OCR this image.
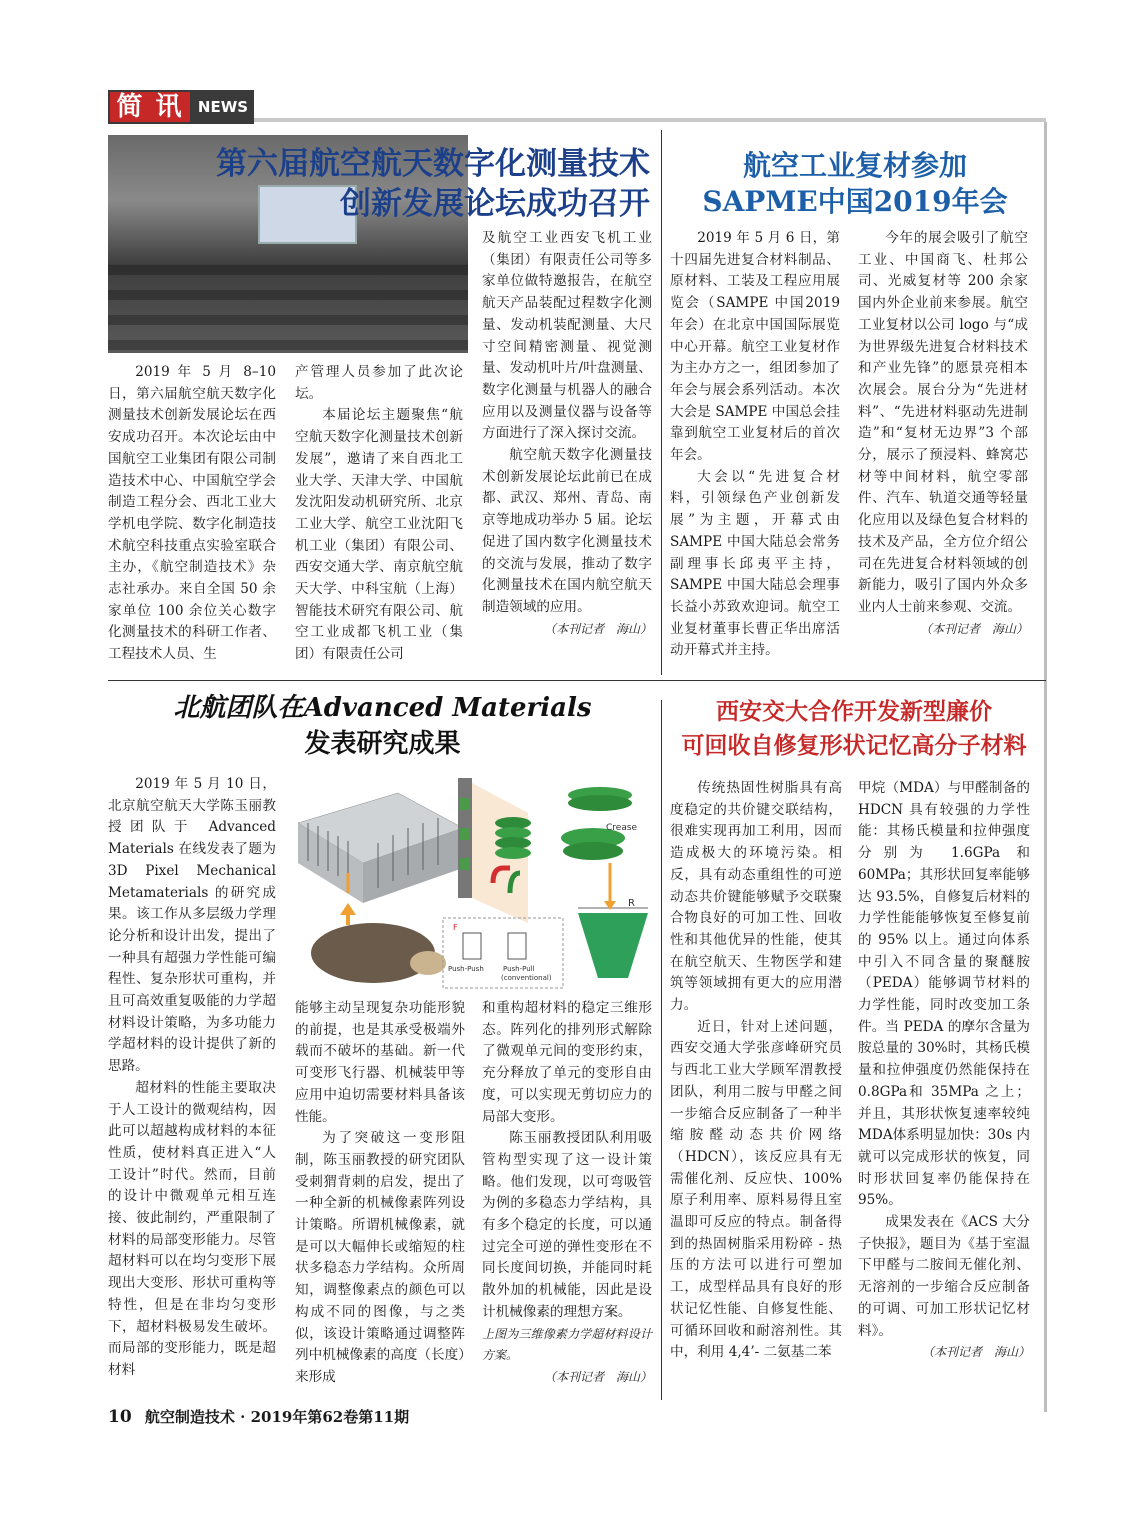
简 讯 NEWS
第六届航空航天数字化测量技术
创新发展论坛成功召开

2019 年 5 月 8–10 日，第六届航空航天数字化测量技术创新发展论坛在西安成功召开。本次论坛由中国航空工业集团有限公司制造技术中心、中国航空学会制造工程分会、西北工业大学机电学院、数字化制造技术航空科技重点实验室联合主办，《航空制造技术》杂志社承办。来自全国 50 余家单位 100 余位关心数字化测量技术的科研工作者、工程技术人员、生

产管理人员参加了此次论坛。

本届论坛主题聚焦“航空航天数字化测量技术创新发展”，邀请了来自西北工业大学、天津大学、中国航发沈阳发动机研究所、北京工业大学、航空工业沈阳飞机工业（集团）有限公司、西安交通大学、南京航空航天大学、中科宝航（上海）智能技术研究有限公司、航空工业成都飞机工业（集团）有限责任公司

及航空工业西安飞机工业（集团）有限责任公司等多家单位做特邀报告，在航空航天产品装配过程数字化测量、发动机装配测量、大尺寸空间精密测量、视觉测量、发动机叶片/叶盘测量、数字化测量与机器人的融合应用以及测量仪器与设备等方面进行了深入探讨交流。

航空航天数字化测量技术创新发展论坛此前已在成都、武汉、郑州、青岛、南京等地成功举办 5 届。论坛促进了国内数字化测量技术的交流与发展，推动了数字化测量技术在国内航空航天制造领域的应用。

（本刊记者　海山）
航空工业复材参加
SAPME中国2019年会

2019 年 5 月 6 日，第十四届先进复合材料制品、原材料、工装及工程应用展览会（SAMPE 中国2019 年会）在北京中国国际展览中心开幕。航空工业复材作为主办方之一，组团参加了年会与展会系列活动。本次大会是 SAMPE 中国总会挂靠到航空工业复材后的首次年会。

大会以“先进复合材料，引领绿色产业创新发展”为主题，开幕式由 SAMPE 中国大陆总会常务副理事长邱夷平主持，SAMPE 中国大陆总会理事长益小苏致欢迎词。航空工业复材董事长曹正华出席活动开幕式并主持。

今年的展会吸引了航空工业、中国商飞、杜邦公司、光威复材等 200 余家国内外企业前来参展。航空工业复材以公司 logo 与“成为世界级先进复合材料技术和产业先锋”的愿景亮相本次展会。展台分为“先进材料”、“先进材料驱动先进制造”和“复材无边界”3 个部分，展示了预浸料、蜂窝芯材等中间材料，航空零部件、汽车、轨道交通等轻量化应用以及绿色复合材料的技术及产品，全方位介绍公司在先进复合材料领域的创新能力，吸引了国内外众多业内人士前来参观、交流。

（本刊记者　海山）
北航团队在Advanced Materials
发表研究成果
Crease
Push-Push	Push-Pull
(conventional)
F
R

2019 年 5 月 10 日，北京航空航天大学陈玉丽教授团队于 Advanced Materials 在线发表了题为 3D Pixel Mechanical Metamaterials 的研究成果。该工作从多层级力学理论分析和设计出发，提出了一种具有超强力学性能可编程性、复杂形状可重构，并且可高效重复吸能的力学超材料设计策略，为多功能力学超材料的设计提供了新的思路。

超材料的性能主要取决于人工设计的微观结构，因此可以超越构成材料的本征性质，使材料真正进入“人工设计”时代。然而，目前的设计中微观单元相互连接、彼此制约，严重限制了材料的局部变形能力。尽管超材料可以在均匀变形下展现出大变形、形状可重构等特性，但是在非均匀变形下，超材料极易发生破坏。而局部的变形能力，既是超材料

能够主动呈现复杂功能形貌的前提，也是其承受极端外载而不破坏的基础。新一代可变形飞行器、机械装甲等应用中迫切需要材料具备该性能。

为了突破这一变形阻制，陈玉丽教授的研究团队受刺猬背刺的启发，提出了一种全新的机械像素阵列设计策略。所谓机械像素，就是可以大幅伸长或缩短的柱状多稳态力学结构。众所周知，调整像素点的颜色可以构成不同的图像，与之类似，该设计策略通过调整阵列中机械像素的高度（长度）来形成

和重构超材料的稳定三维形态。阵列化的排列形式解除了微观单元间的变形约束，充分释放了单元的变形自由度，可以实现无剪切应力的局部大变形。

陈玉丽教授团队利用吸管构型实现了这一设计策略。他们发现，以可弯吸管为例的多稳态力学结构，具有多个稳定的长度，可以通过完全可逆的弹性变形在不同长度间切换，并能同时耗散外加的机械能，因此是设计机械像素的理想方案。

上图为三维像素力学超材料设计方案。
（本刊记者　海山）
西安交大合作开发新型廉价
可回收自修复形状记忆高分子材料

传统热固性树脂具有高度稳定的共价键交联结构，很难实现再加工利用，因而造成极大的环境污染。相反，具有动态重组性的可逆动态共价键能够赋予交联聚合物良好的可加工性、回收性和其他优异的性能，使其在航空航天、生物医学和建筑等领域拥有更大的应用潜力。

近日，针对上述问题，西安交通大学张彦峰研究员与西北工业大学顾军渭教授团队，利用二胺与甲醛之间一步缩合反应制备了一种半缩胺醛动态共价网络（HDCN），该反应具有无需催化剂、反应快、100% 原子利用率、原料易得且室温即可反应的特点。制备得到的热固树脂采用粉碎 - 热压的方法可以进行可塑加工，成型样品具有良好的形状记忆性能、自修复性能、可循环回收和耐溶剂性。其中，利用 4,4’- 二氨基二苯

甲烷（MDA）与甲醛制备的 HDCN 具有较强的力学性能：其杨氏模量和拉伸强度分别为 1.6GPa 和60MPa；其形状回复率能够达 93.5%，自修复后材料的力学性能能够恢复至修复前的 95% 以上。通过向体系中引入不同含量的聚醚胺（PEDA）能够调节材料的力学性能，同时改变加工条件。当 PEDA 的摩尔含量为胺总量的 30%时，其杨氏模量和拉伸强度仍然能保持在 0.8GPa和 35MPa 之上；并且，其形状恢复速率较纯 MDA体系明显加快：30s 内就可以完成形状的恢复，同时形状回复率仍能保持在95%。

成果发表在《ACS 大分子快报》，题目为《基于室温下甲醛与二胺间无催化剂、无溶剂的一步缩合反应制备的可调、可加工形状记忆材料》。

（本刊记者　海山）
10 航空制造技术 · 2019年第62卷第11期
